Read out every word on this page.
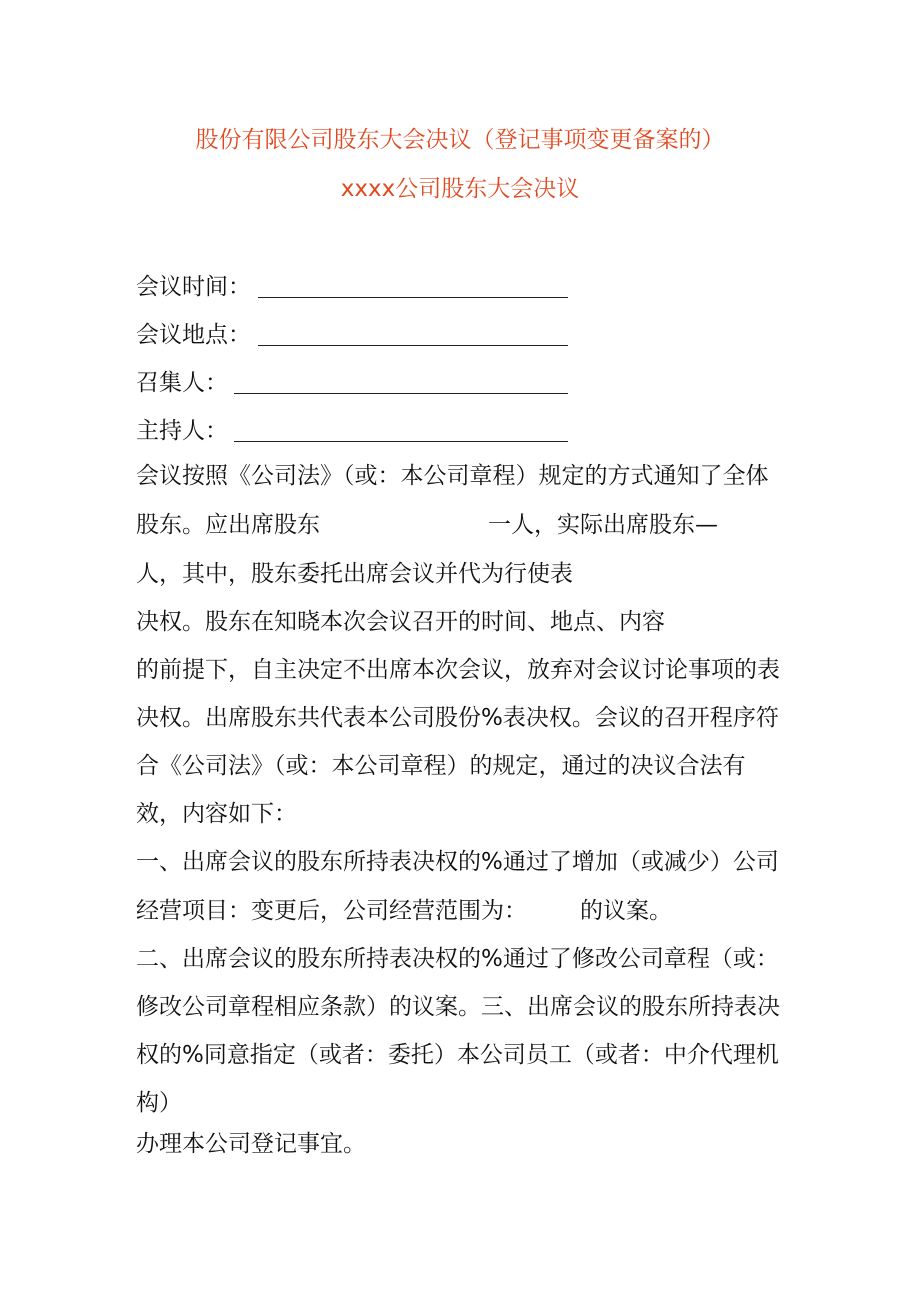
股份有限公司股东大会决议（登记事项变更备案的）
xxxx公司股东大会决议
会议时间：
会议地点：
召集人：
主持人：
会议按照《公司法》（或：本公司章程）规定的方式通知了全体
股东。应出席股东	一人，实际出席股东—
人，其中，股东委托出席会议并代为行使表
决权。股东在知晓本次会议召开的时间、地点、内容
的前提下，自主决定不出席本次会议，放弃对会议讨论事项的表
决权。出席股东共代表本公司股份%表决权。会议的召开程序符
合《公司法》（或：本公司章程）的规定，通过的决议合法有
效，内容如下：
一、出席会议的股东所持表决权的%通过了增加（或减少）公司
经营项目：变更后，公司经营范围为： 的议案。
二、出席会议的股东所持表决权的%通过了修改公司章程（或：
修改公司章程相应条款）的议案。三、出席会议的股东所持表决
权的%同意指定（或者：委托）本公司员工（或者：中介代理机
构）
办理本公司登记事宜。
